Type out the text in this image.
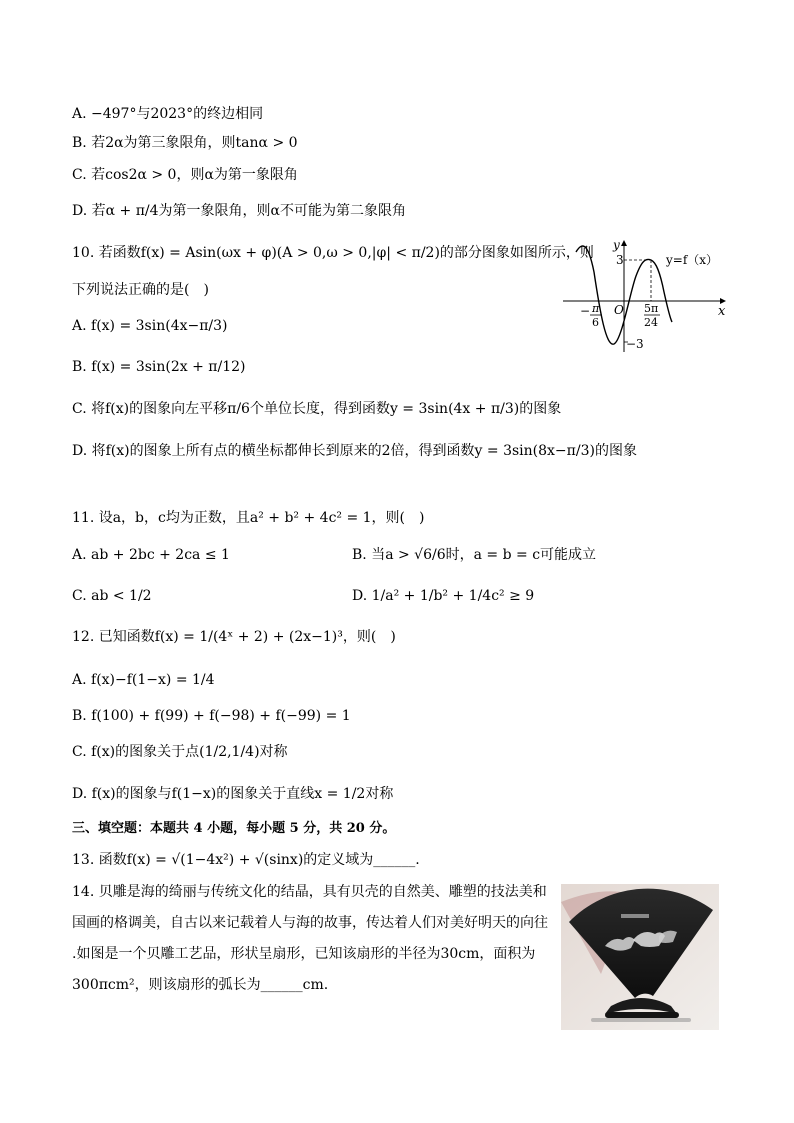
A. −497°与2023°的终边相同
B. 若2α为第三象限角，则tanα > 0
C. 若cos2α > 0，则α为第一象限角
D. 若α + π/4为第一象限角，则α不可能为第二象限角
10. 若函数f(x) = Asin(ωx + φ)(A > 0,ω > 0,|φ| < π/2)的部分图象如图所示，则
下列说法正确的是(　)
A. f(x) = 3sin(4x−π/3)
B. f(x) = 3sin(2x + π/12)
C. 将f(x)的图象向左平移π/6个单位长度，得到函数y = 3sin(4x + π/3)的图象
D. 将f(x)的图象上所有点的横坐标都伸长到原来的2倍，得到函数y = 3sin(8x−π/3)的图象
y
x
O
3
−3
y=f（x）
− π
6
5π
24
11. 设a，b，c均为正数，且a² + b² + 4c² = 1，则(　)
A. ab + 2bc + 2ca ≤ 1	B. 当a > √6/6时，a = b = c可能成立
C. ab < 1/2	D. 1/a² + 1/b² + 1/4c² ≥ 9
12. 已知函数f(x) = 1/(4ˣ + 2) + (2x−1)³，则(　)
A. f(x)−f(1−x) = 1/4
B. f(100) + f(99) + f(−98) + f(−99) = 1
C. f(x)的图象关于点(1/2,1/4)对称
D. f(x)的图象与f(1−x)的图象关于直线x = 1/2对称
三、填空题：本题共 4 小题，每小题 5 分，共 20 分。
13. 函数f(x) = √(1−4x²) + √(sinx)的定义域为______.
14. 贝雕是海的绮丽与传统文化的结晶，具有贝壳的自然美、雕塑的技法美和
国画的格调美，自古以来记载着人与海的故事，传达着人们对美好明天的向往
.如图是一个贝雕工艺品，形状呈扇形，已知该扇形的半径为30cm，面积为
300πcm²，则该扇形的弧长为______cm.
